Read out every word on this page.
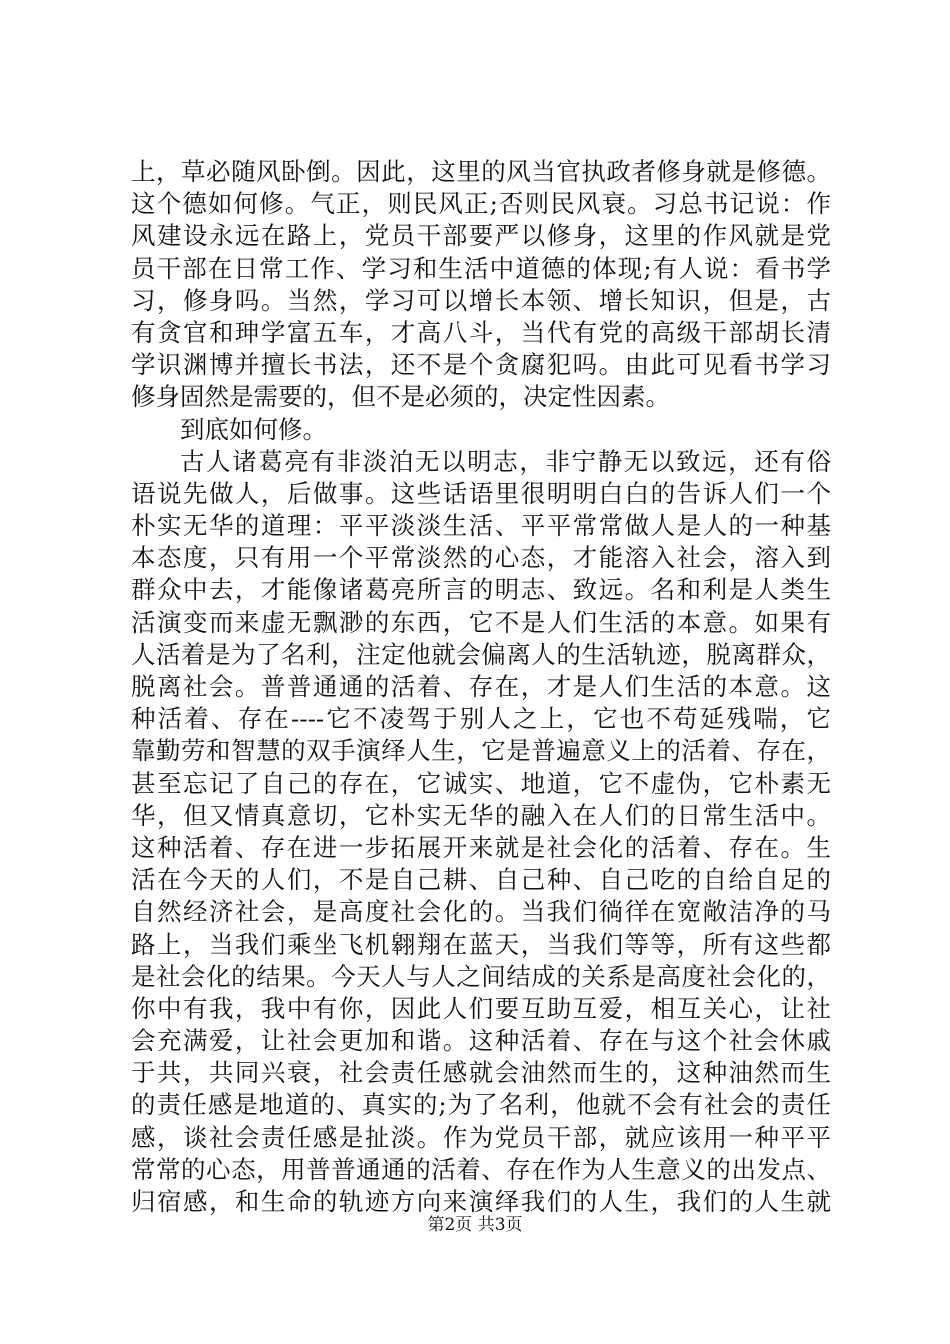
上，草必随风卧倒。因此，这里的风当官执政者修身就是修德。
这个德如何修。气正，则民风正;否则民风衰。习总书记说：作
风建设永远在路上，党员干部要严以修身，这里的作风就是党
员干部在日常工作、学习和生活中道德的体现;有人说：看书学
习，修身吗。当然，学习可以增长本领、增长知识，但是，古
有贪官和珅学富五车，才高八斗，当代有党的高级干部胡长清
学识渊博并擅长书法，还不是个贪腐犯吗。由此可见看书学习
修身固然是需要的，但不是必须的，决定性因素。
到底如何修。
古人诸葛亮有非淡泊无以明志，非宁静无以致远，还有俗
语说先做人，后做事。这些话语里很明明白白的告诉人们一个
朴实无华的道理：平平淡淡生活、平平常常做人是人的一种基
本态度，只有用一个平常淡然的心态，才能溶入社会，溶入到
群众中去，才能像诸葛亮所言的明志、致远。名和利是人类生
活演变而来虚无飘渺的东西，它不是人们生活的本意。如果有
人活着是为了名利，注定他就会偏离人的生活轨迹，脱离群众，
脱离社会。普普通通的活着、存在，才是人们生活的本意。这
种活着、存在----它不凌驾于别人之上，它也不苟延残喘，它
靠勤劳和智慧的双手演绎人生，它是普遍意义上的活着、存在，
甚至忘记了自己的存在，它诚实、地道，它不虚伪，它朴素无
华，但又情真意切，它朴实无华的融入在人们的日常生活中。
这种活着、存在进一步拓展开来就是社会化的活着、存在。生
活在今天的人们，不是自己耕、自己种、自己吃的自给自足的
自然经济社会，是高度社会化的。当我们徜徉在宽敞洁净的马
路上，当我们乘坐飞机翱翔在蓝天，当我们等等，所有这些都
是社会化的结果。今天人与人之间结成的关系是高度社会化的，
你中有我，我中有你，因此人们要互助互爱，相互关心，让社
会充满爱，让社会更加和谐。这种活着、存在与这个社会休戚
于共，共同兴衰，社会责任感就会油然而生的，这种油然而生
的责任感是地道的、真实的;为了名利，他就不会有社会的责任
感，谈社会责任感是扯淡。作为党员干部，就应该用一种平平
常常的心态，用普普通通的活着、存在作为人生意义的出发点、
归宿感，和生命的轨迹方向来演绎我们的人生，我们的人生就
第2页 共3页
